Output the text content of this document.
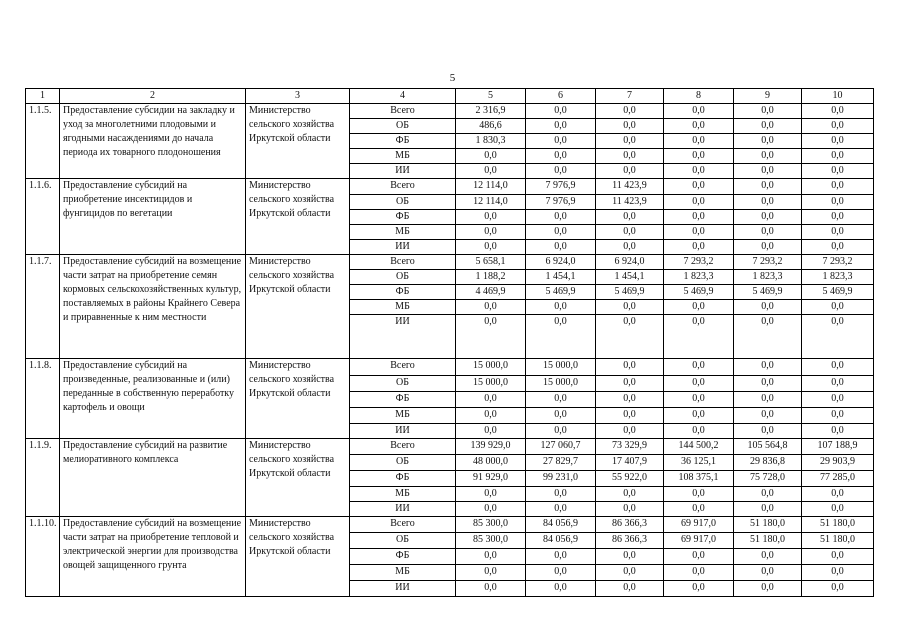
5
1	2	3	4	5	6	7	8	9	10
1.1.5.	Предоставление субсидии на закладку и уход за многолетними плодовыми и ягодными насаждениями до начала периода их товарного плодоношения	Министерство сельского хозяйства Иркутской области	Всего	2 316,9	0,0	0,0	0,0	0,0	0,0
			ОБ	486,6	0,0	0,0	0,0	0,0	0,0
			ФБ	1 830,3	0,0	0,0	0,0	0,0	0,0
			МБ	0,0	0,0	0,0	0,0	0,0	0,0
			ИИ	0,0	0,0	0,0	0,0	0,0	0,0
1.1.6.	Предоставление субсидий на приобретение инсектицидов и фунгицидов по вегетации	Министерство сельского хозяйства Иркутской области	Всего	12 114,0	7 976,9	11 423,9	0,0	0,0	0,0
			ОБ	12 114,0	7 976,9	11 423,9	0,0	0,0	0,0
			ФБ	0,0	0,0	0,0	0,0	0,0	0,0
			МБ	0,0	0,0	0,0	0,0	0,0	0,0
			ИИ	0,0	0,0	0,0	0,0	0,0	0,0
1.1.7.	Предоставление субсидий на возмещение части затрат на приобретение семян кормовых сельскохозяйственных культур, поставляемых в районы Крайнего Севера и приравненные к ним местности	Министерство сельского хозяйства Иркутской области	Всего	5 658,1	6 924,0	6 924,0	7 293,2	7 293,2	7 293,2
			ОБ	1 188,2	1 454,1	1 454,1	1 823,3	1 823,3	1 823,3
			ФБ	4 469,9	5 469,9	5 469,9	5 469,9	5 469,9	5 469,9
			МБ	0,0	0,0	0,0	0,0	0,0	0,0
			ИИ	0,0	0,0	0,0	0,0	0,0	0,0
1.1.8.	Предоставление субсидий на произведенные, реализованные и (или) переданные в собственную переработку картофель и овощи	Министерство сельского хозяйства Иркутской области	Всего	15 000,0	15 000,0	0,0	0,0	0,0	0,0
			ОБ	15 000,0	15 000,0	0,0	0,0	0,0	0,0
			ФБ	0,0	0,0	0,0	0,0	0,0	0,0
			МБ	0,0	0,0	0,0	0,0	0,0	0,0
			ИИ	0,0	0,0	0,0	0,0	0,0	0,0
1.1.9.	Предоставление субсидий на развитие мелиоративного комплекса	Министерство сельского хозяйства Иркутской области	Всего	139 929,0	127 060,7	73 329,9	144 500,2	105 564,8	107 188,9
			ОБ	48 000,0	27 829,7	17 407,9	36 125,1	29 836,8	29 903,9
			ФБ	91 929,0	99 231,0	55 922,0	108 375,1	75 728,0	77 285,0
			МБ	0,0	0,0	0,0	0,0	0,0	0,0
			ИИ	0,0	0,0	0,0	0,0	0,0	0,0
1.1.10.	Предоставление субсидий на возмещение части затрат на приобретение тепловой и электрической энергии для производства овощей защищенного грунта	Министерство сельского хозяйства Иркутской области	Всего	85 300,0	84 056,9	86 366,3	69 917,0	51 180,0	51 180,0
			ОБ	85 300,0	84 056,9	86 366,3	69 917,0	51 180,0	51 180,0
			ФБ	0,0	0,0	0,0	0,0	0,0	0,0
			МБ	0,0	0,0	0,0	0,0	0,0	0,0
			ИИ	0,0	0,0	0,0	0,0	0,0	0,0
